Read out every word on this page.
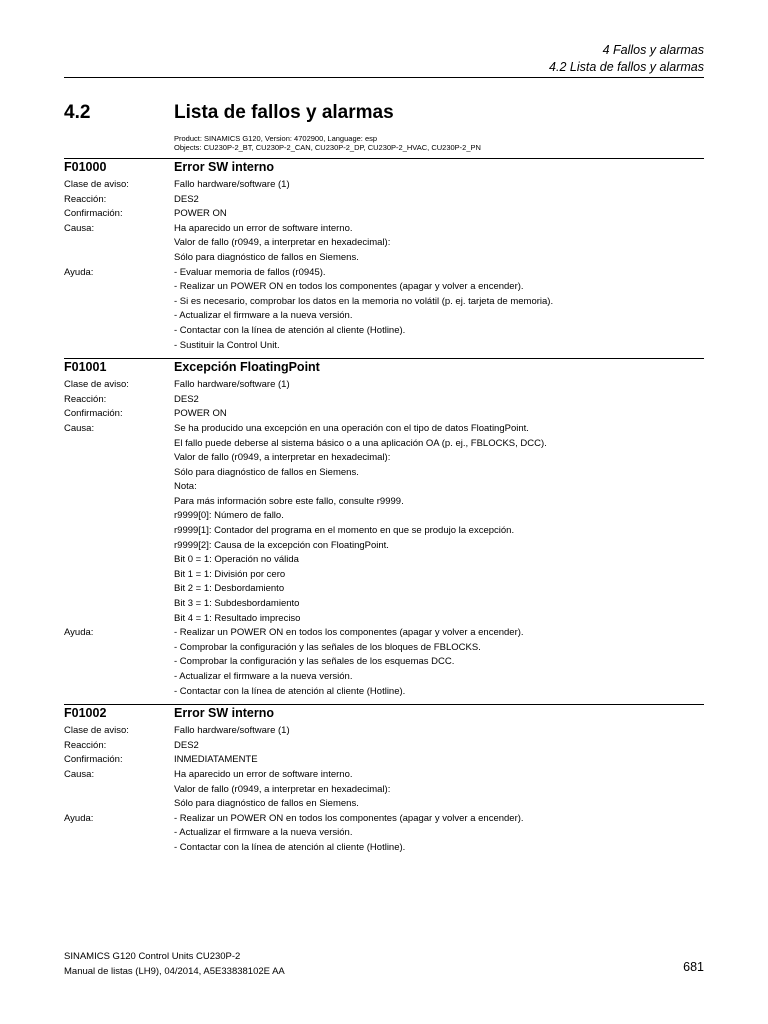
4 Fallos y alarmas
4.2 Lista de fallos y alarmas
4.2	Lista de fallos y alarmas
Product: SINAMICS G120, Version: 4702900, Language: esp
Objects: CU230P-2_BT, CU230P-2_CAN, CU230P-2_DP, CU230P-2_HVAC, CU230P-2_PN
F01000	Error SW interno
Clase de aviso:	Fallo hardware/software (1)
Reacción:	DES2
Confirmación:	POWER ON
Causa:	Ha aparecido un error de software interno.
Valor de fallo (r0949, a interpretar en hexadecimal):
Sólo para diagnóstico de fallos en Siemens.
Ayuda:	- Evaluar memoria de fallos (r0945).
- Realizar un POWER ON en todos los componentes (apagar y volver a encender).
- Si es necesario, comprobar los datos en la memoria no volátil (p. ej. tarjeta de memoria).
- Actualizar el firmware a la nueva versión.
- Contactar con la línea de atención al cliente (Hotline).
- Sustituir la Control Unit.
F01001	Excepción FloatingPoint
Clase de aviso:	Fallo hardware/software (1)
Reacción:	DES2
Confirmación:	POWER ON
Causa:	Se ha producido una excepción en una operación con el tipo de datos FloatingPoint.
El fallo puede deberse al sistema básico o a una aplicación OA (p. ej., FBLOCKS, DCC).
Valor de fallo (r0949, a interpretar en hexadecimal):
Sólo para diagnóstico de fallos en Siemens.
Nota:
Para más información sobre este fallo, consulte r9999.
r9999[0]: Número de fallo.
r9999[1]: Contador del programa en el momento en que se produjo la excepción.
r9999[2]: Causa de la excepción con FloatingPoint.
Bit 0 = 1: Operación no válida
Bit 1 = 1: División por cero
Bit 2 = 1: Desbordamiento
Bit 3 = 1: Subdesbordamiento
Bit 4 = 1: Resultado impreciso
Ayuda:	- Realizar un POWER ON en todos los componentes (apagar y volver a encender).
- Comprobar la configuración y las señales de los bloques de FBLOCKS.
- Comprobar la configuración y las señales de los esquemas DCC.
- Actualizar el firmware a la nueva versión.
- Contactar con la línea de atención al cliente (Hotline).
F01002	Error SW interno
Clase de aviso:	Fallo hardware/software (1)
Reacción:	DES2
Confirmación:	INMEDIATAMENTE
Causa:	Ha aparecido un error de software interno.
Valor de fallo (r0949, a interpretar en hexadecimal):
Sólo para diagnóstico de fallos en Siemens.
Ayuda:	- Realizar un POWER ON en todos los componentes (apagar y volver a encender).
- Actualizar el firmware a la nueva versión.
- Contactar con la línea de atención al cliente (Hotline).
SINAMICS G120 Control Units CU230P-2
Manual de listas (LH9), 04/2014, A5E33838102E AA	681
